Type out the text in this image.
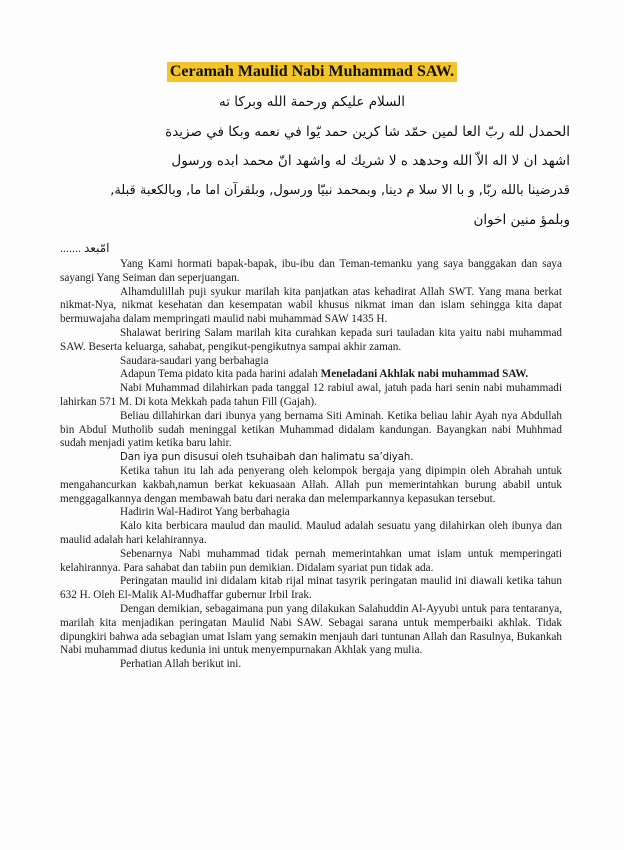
Ceramah Maulid Nabi Muhammad SAW.
السلام عليكم ورحمة الله وبركا ته
الحمدل لله ربّ العا لمين حمّد شا كرين حمد يّوا في نعمه وبكا في صزيدة
اشهد ان لا اله الاّ الله وحدهد ه لا شريك له واشهد انّ محمد ابده ورسول
قدرضينا بالله ربّا, و با الا سلا م دينا, وبمحمد نبيّا ورسول, وبلقرآن اما ما, وبالكعبة قبلة,
وبلمؤ منين اخوان
....... امّبعد

Yang Kami hormati bapak-bapak, ibu-ibu dan Teman-temanku yang saya banggakan dan saya sayangi Yang Seiman dan seperjuangan.

Alhamdulillah puji syukur marilah kita panjatkan atas kehadirat Allah SWT. Yang mana berkat nikmat-Nya, nikmat kesehatan dan kesempatan wabil khusus nikmat iman dan islam sehingga kita dapat bermuwajaha dalam mempringati maulid nabi muhammad SAW 1435 H.

Shalawat beriring Salam marilah kita curahkan kepada suri tauladan kita yaitu nabi muhammad SAW. Beserta keluarga, sahabat, pengikut-pengikutnya sampai akhir zaman.

Saudara-saudari yang berbahagia

Adapun Tema pidato kita pada harini adalah Meneladani Akhlak nabi muhammad SAW.

Nabi Muhammad dilahirkan pada tanggal 12 rabiul awal, jatuh pada hari senin nabi muhammadi lahirkan 571 M. Di kota Mekkah pada tahun Fill (Gajah).

Beliau dillahirkan dari ibunya yang bernama Siti Aminah. Ketika beliau lahir Ayah nya Abdullah bin Abdul Mutholib sudah meninggal ketikan Muhammad didalam kandungan. Bayangkan nabi Muhhmad sudah menjadi yatim ketika baru lahir.

Dan iya pun disusui oleh tsuhaibah dan halimatu sa’diyah.

Ketika tahun itu lah ada penyerang oleh kelompok bergaja yang dipimpin oleh Abrahah untuk mengahancurkan kakbah,namun berkat kekuasaan Allah. Allah pun memerintahkan burung ababil untuk menggagalkannya dengan membawah batu dari neraka dan melemparkannya kepasukan tersebut.

Hadirin Wal-Hadirot Yang berbahagia

Kalo kita berbicara maulud dan maulid. Maulud adalah sesuatu yang dilahirkan oleh ibunya dan maulid adalah hari kelahirannya.

Sebenarnya Nabi muhammad tidak pernah memerintahkan umat islam untuk memperingati kelahirannya. Para sahabat dan tabiin pun demikian. Didalam syariat pun tidak ada.

Peringatan maulid ini didalam kitab rijal minat tasyrik peringatan maulid ini diawali ketika tahun 632 H. Oleh El-Malik Al-Mudhaffar gubernur Irbil Irak.

Dengan demikian, sebagaimana pun yang dilakukan Salahuddin Al-Ayyubi untuk para tentaranya, marilah kita menjadikan peringatan Maulid Nabi SAW. Sebagai sarana untuk memperbaiki akhlak. Tidak dipungkiri bahwa ada sebagian umat Islam yang semakin menjauh dari tuntunan Allah dan Rasulnya, Bukankah Nabi muhammad diutus kedunia ini untuk menyempurnakan Akhlak yang mulia.

Perhatian Allah berikut ini.
